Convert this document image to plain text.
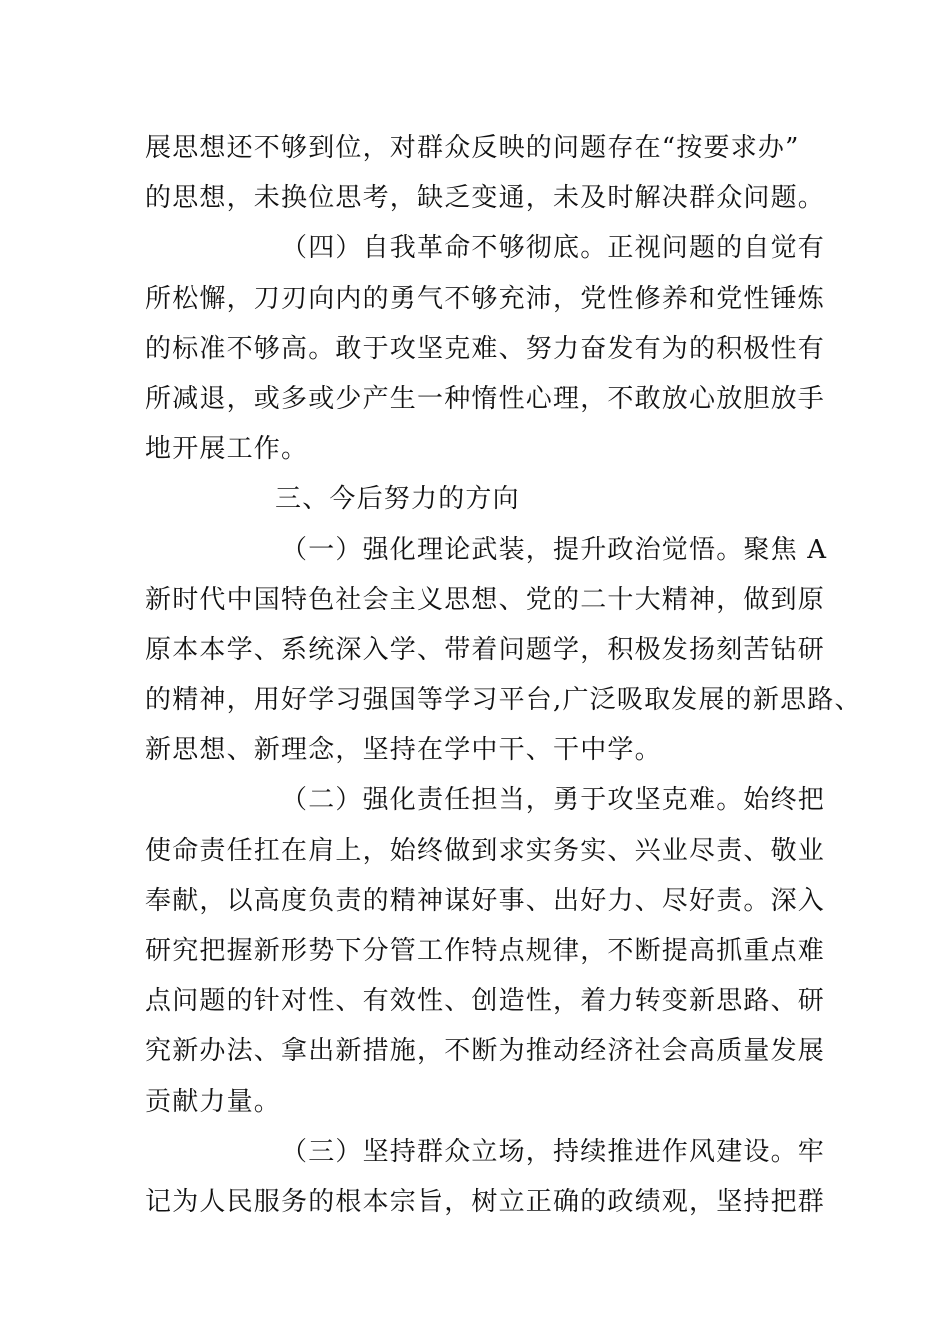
展思想还不够到位，对群众反映的问题存在“按要求办”
的思想，未换位思考，缺乏变通，未及时解决群众问题。
（四）自我革命不够彻底。正视问题的自觉有
所松懈，刀刃向内的勇气不够充沛，党性修养和党性锤炼
的标准不够高。敢于攻坚克难、努力奋发有为的积极性有
所减退，或多或少产生一种惰性心理，不敢放心放胆放手
地开展工作。
三、今后努力的方向
（一）强化理论武装，提升政治觉悟。聚焦 A
新时代中国特色社会主义思想、党的二十大精神，做到原
原本本学、系统深入学、带着问题学，积极发扬刻苦钻研
的精神，用好学习强国等学习平台,广泛吸取发展的新思路、
新思想、新理念，坚持在学中干、干中学。
（二）强化责任担当，勇于攻坚克难。始终把
使命责任扛在肩上，始终做到求实务实、兴业尽责、敬业
奉献，以高度负责的精神谋好事、出好力、尽好责。深入
研究把握新形势下分管工作特点规律，不断提高抓重点难
点问题的针对性、有效性、创造性，着力转变新思路、研
究新办法、拿出新措施，不断为推动经济社会高质量发展
贡献力量。
（三）坚持群众立场，持续推进作风建设。牢
记为人民服务的根本宗旨，树立正确的政绩观，坚持把群
